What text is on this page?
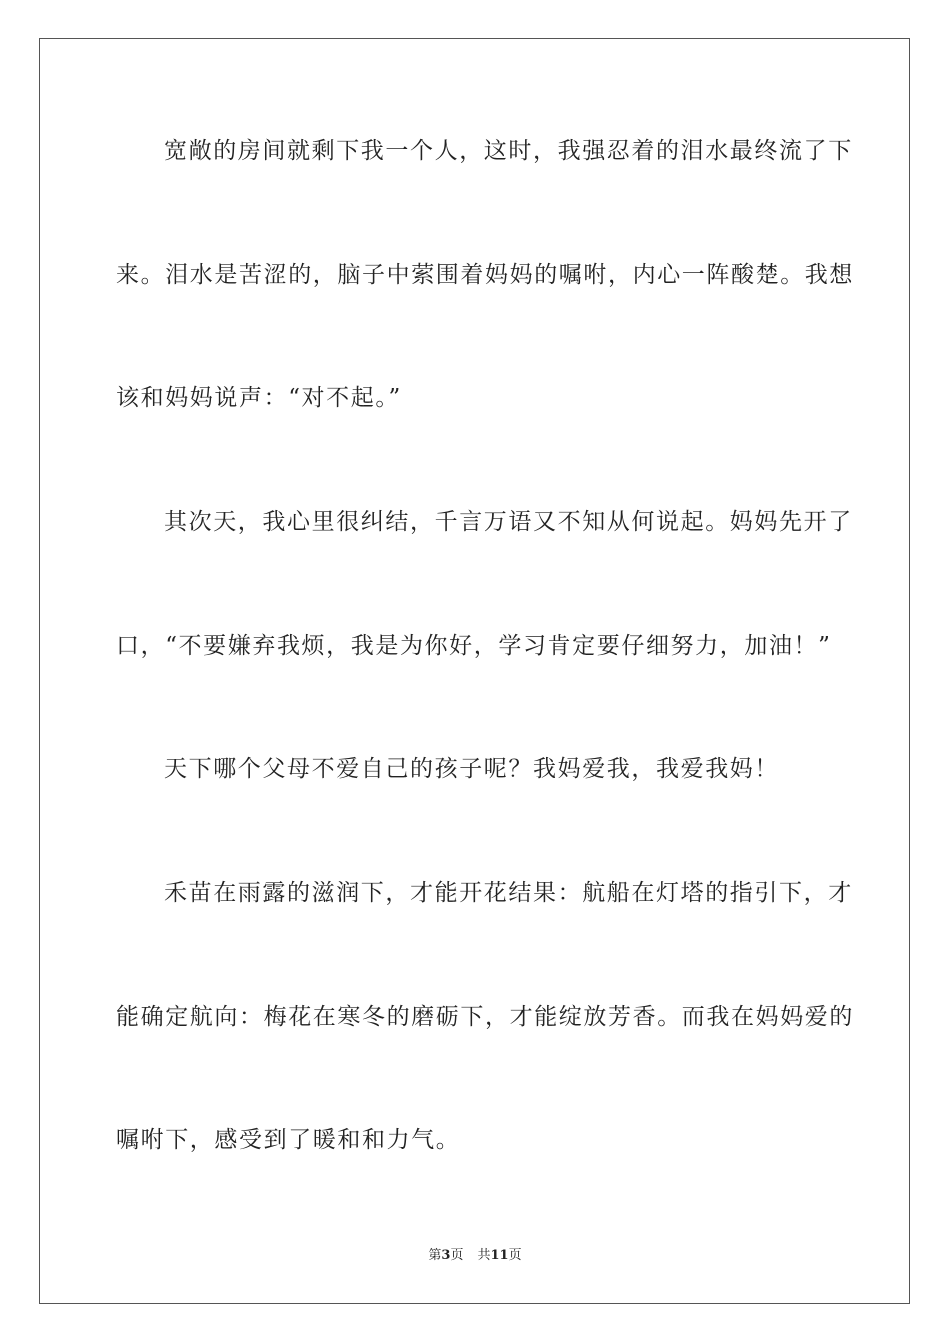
宽敞的房间就剩下我一个人，这时，我强忍着的泪水最终流了下
来。泪水是苦涩的，脑子中萦围着妈妈的嘱咐，内心一阵酸楚。我想
该和妈妈说声：“对不起。”
其次天，我心里很纠结，千言万语又不知从何说起。妈妈先开了
口，“不要嫌弃我烦，我是为你好，学习肯定要仔细努力，加油！”
天下哪个父母不爱自己的孩子呢？我妈爱我，我爱我妈！
禾苗在雨露的滋润下，才能开花结果：航船在灯塔的指引下，才
能确定航向：梅花在寒冬的磨砺下，才能绽放芳香。而我在妈妈爱的
嘱咐下，感受到了暖和和力气。
第3页 共11页
